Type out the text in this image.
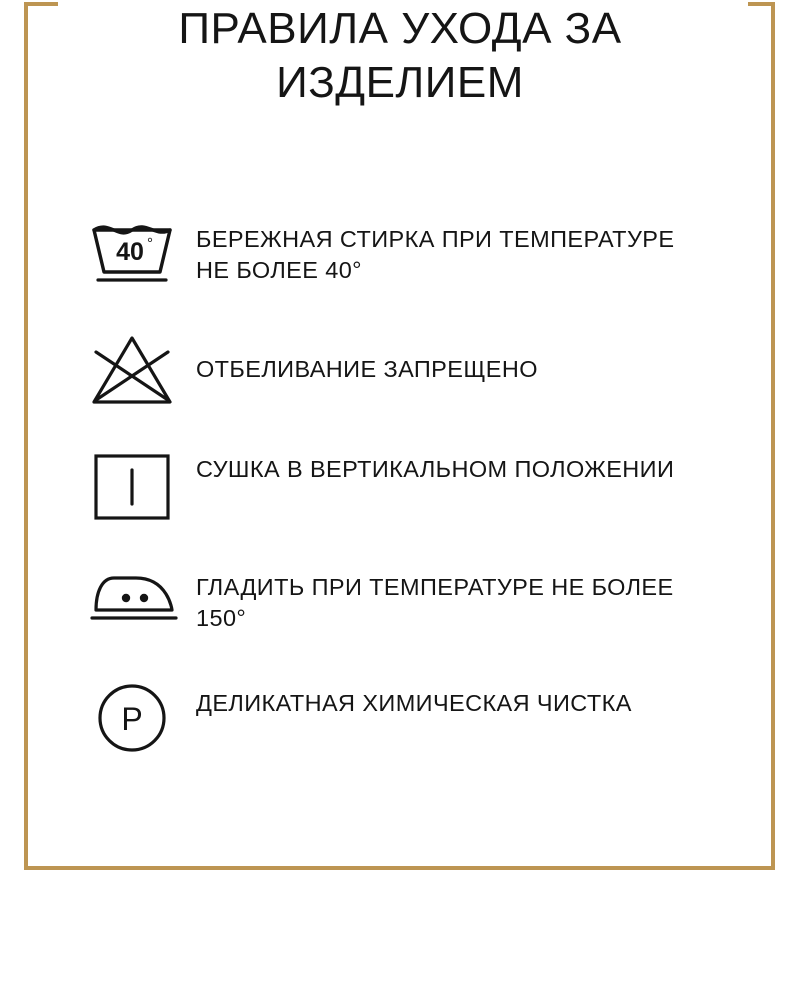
ПРАВИЛА УХОДА ЗА ИЗДЕЛИЕМ
40 ° БЕРЕЖНАЯ СТИРКА ПРИ ТЕМПЕРАТУРЕ НЕ БОЛЕЕ 40°
ОТБЕЛИВАНИЕ ЗАПРЕЩЕНО
СУШКА В ВЕРТИКАЛЬНОМ ПОЛОЖЕНИИ
ГЛАДИТЬ ПРИ ТЕМПЕРАТУРЕ НЕ БОЛЕЕ 150°
P ДЕЛИКАТНАЯ ХИМИЧЕСКАЯ ЧИСТКА
